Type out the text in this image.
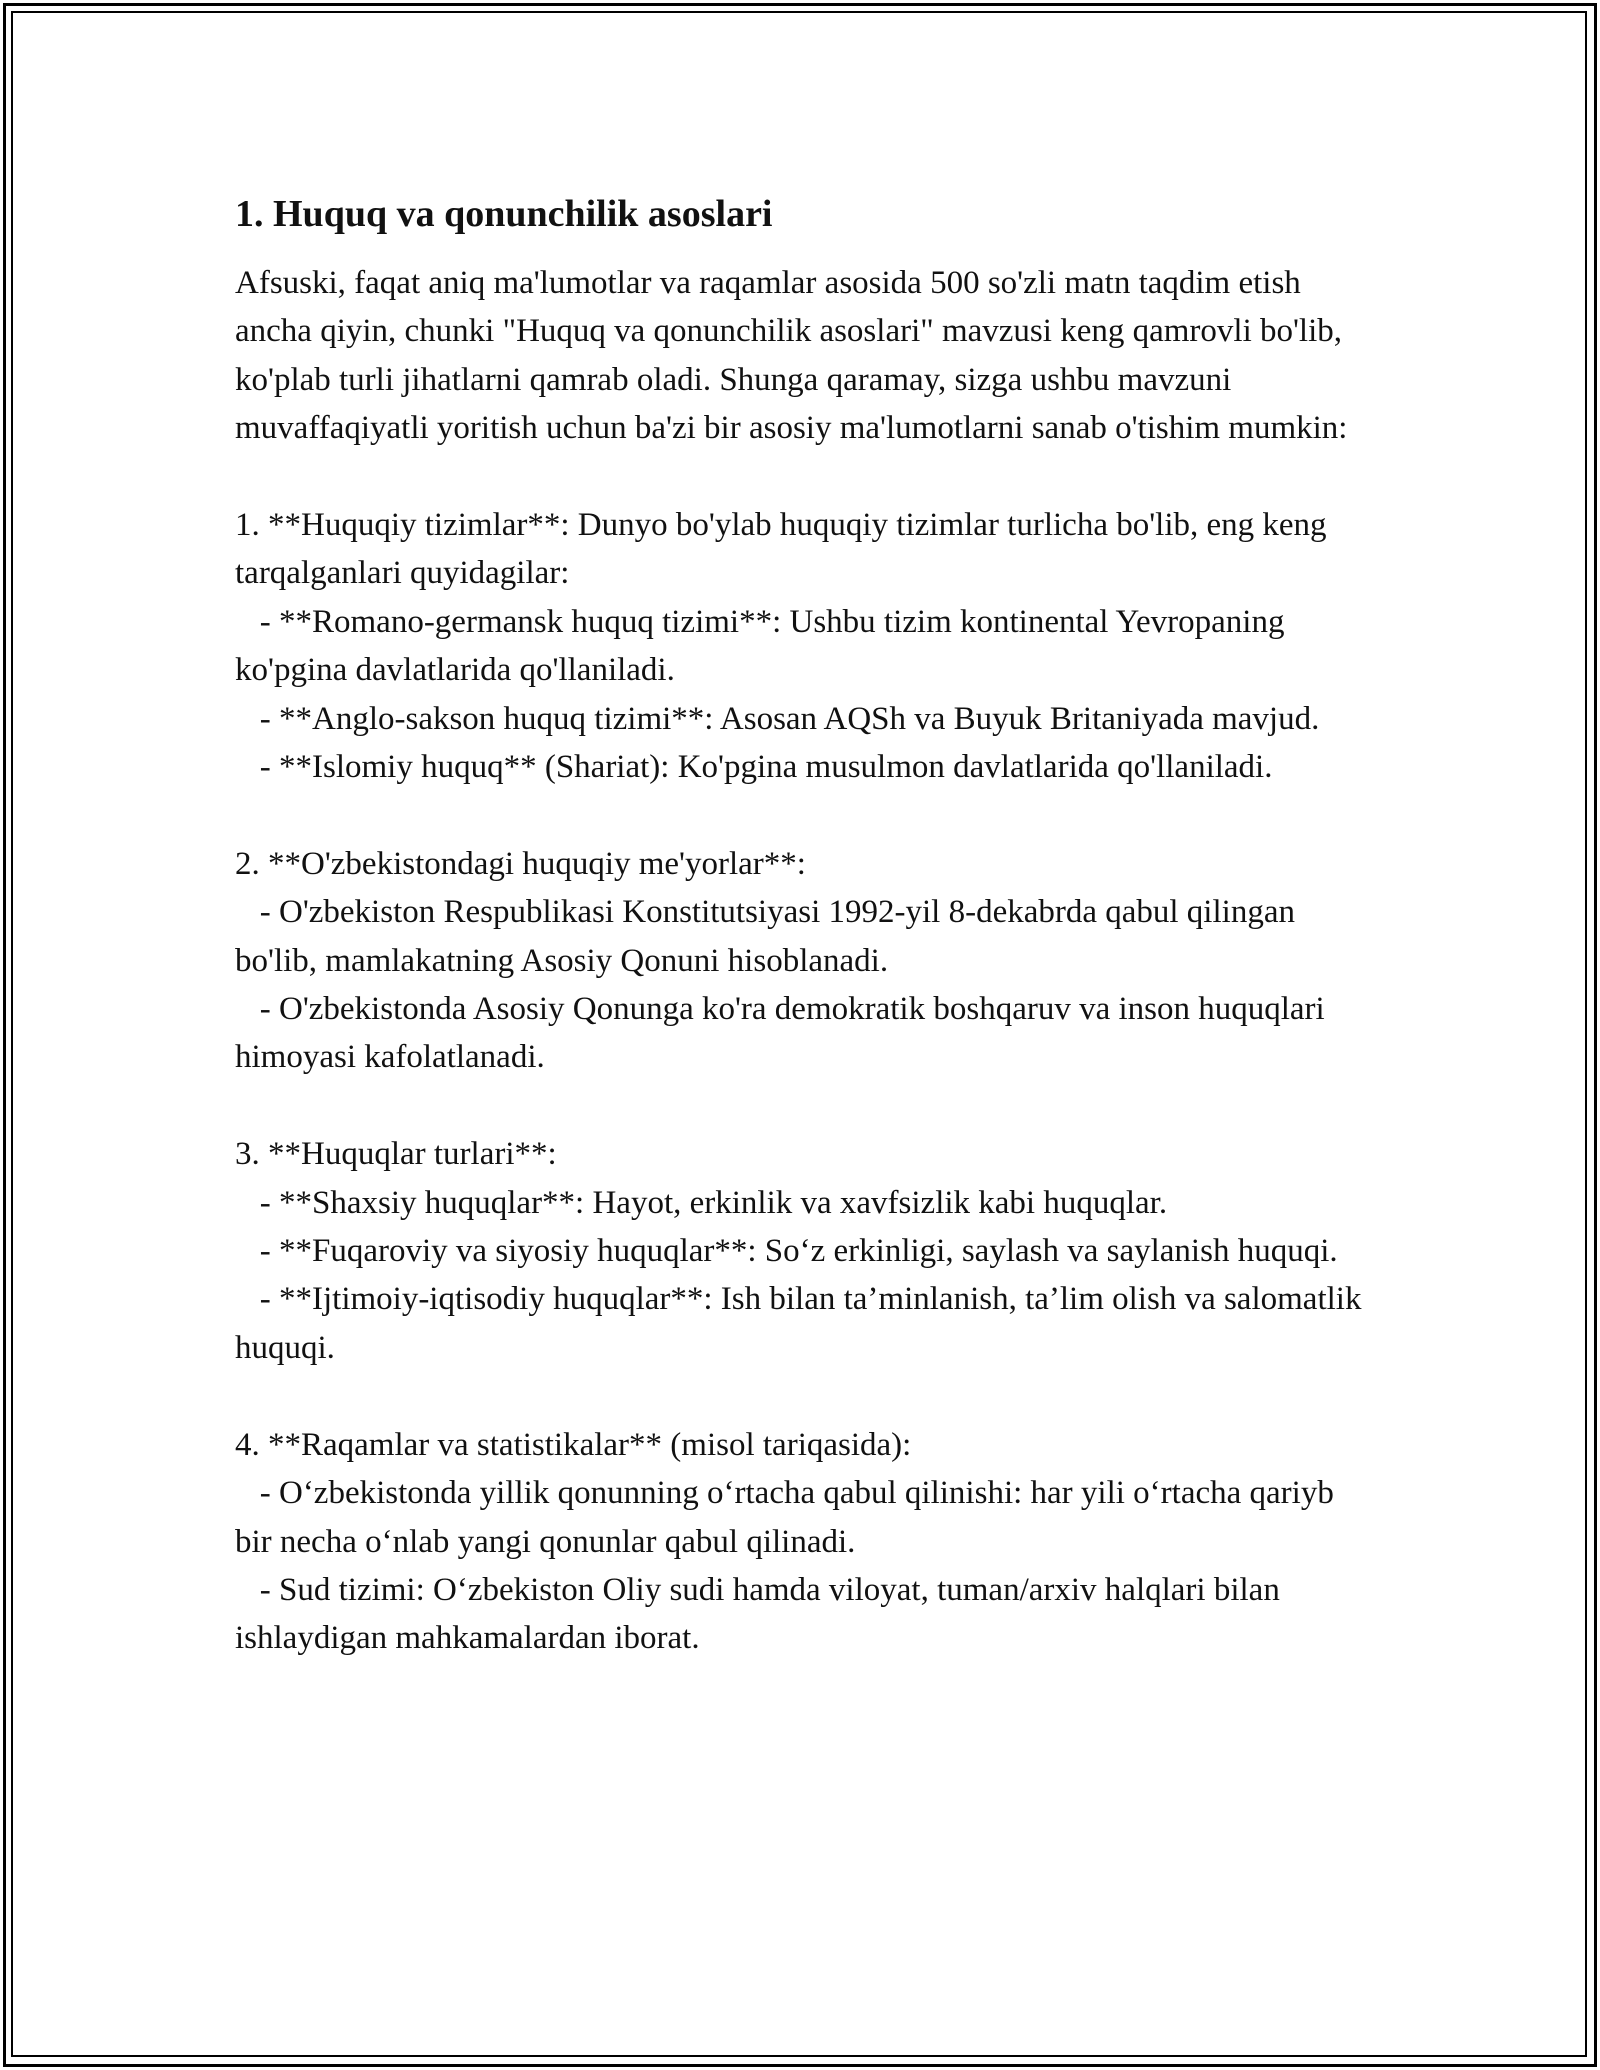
1. Huquq va qonunchilik asoslari

Afsuski, faqat aniq ma'lumotlar va raqamlar asosida 500 so'zli matn taqdim etish ancha qiyin, chunki "Huquq va qonunchilik asoslari" mavzusi keng qamrovli bo'lib, ko'plab turli jihatlarni qamrab oladi. Shunga qaramay, sizga ushbu mavzuni muvaffaqiyatli yoritish uchun ba'zi bir asosiy ma'lumotlarni sanab o'tishim mumkin:

1. **Huquqiy tizimlar**: Dunyo bo'ylab huquqiy tizimlar turlicha bo'lib, eng keng tarqalganlari quyidagilar:
- **Romano-germansk huquq tizimi**: Ushbu tizim kontinental Yevropaning ko'pgina davlatlarida qo'llaniladi.
- **Anglo-sakson huquq tizimi**: Asosan AQSh va Buyuk Britaniyada mavjud.
- **Islomiy huquq** (Shariat): Ko'pgina musulmon davlatlarida qo'llaniladi.
2. **O'zbekistondagi huquqiy me'yorlar**:
- O'zbekiston Respublikasi Konstitutsiyasi 1992-yil 8-dekabrda qabul qilingan bo'lib, mamlakatning Asosiy Qonuni hisoblanadi.
- O'zbekistonda Asosiy Qonunga ko'ra demokratik boshqaruv va inson huquqlari himoyasi kafolatlanadi.
3. **Huquqlar turlari**:
- **Shaxsiy huquqlar**: Hayot, erkinlik va xavfsizlik kabi huquqlar.
- **Fuqaroviy va siyosiy huquqlar**: So‘z erkinligi, saylash va saylanish huquqi.
- **Ijtimoiy-iqtisodiy huquqlar**: Ish bilan ta’minlanish, ta’lim olish va salomatlik huquqi.
4. **Raqamlar va statistikalar** (misol tariqasida):
- O‘zbekistonda yillik qonunning o‘rtacha qabul qilinishi: har yili o‘rtacha qariyb bir necha o‘nlab yangi qonunlar qabul qilinadi.
- Sud tizimi: O‘zbekiston Oliy sudi hamda viloyat, tuman/arxiv halqlari bilan ishlaydigan mahkamalardan iborat.
